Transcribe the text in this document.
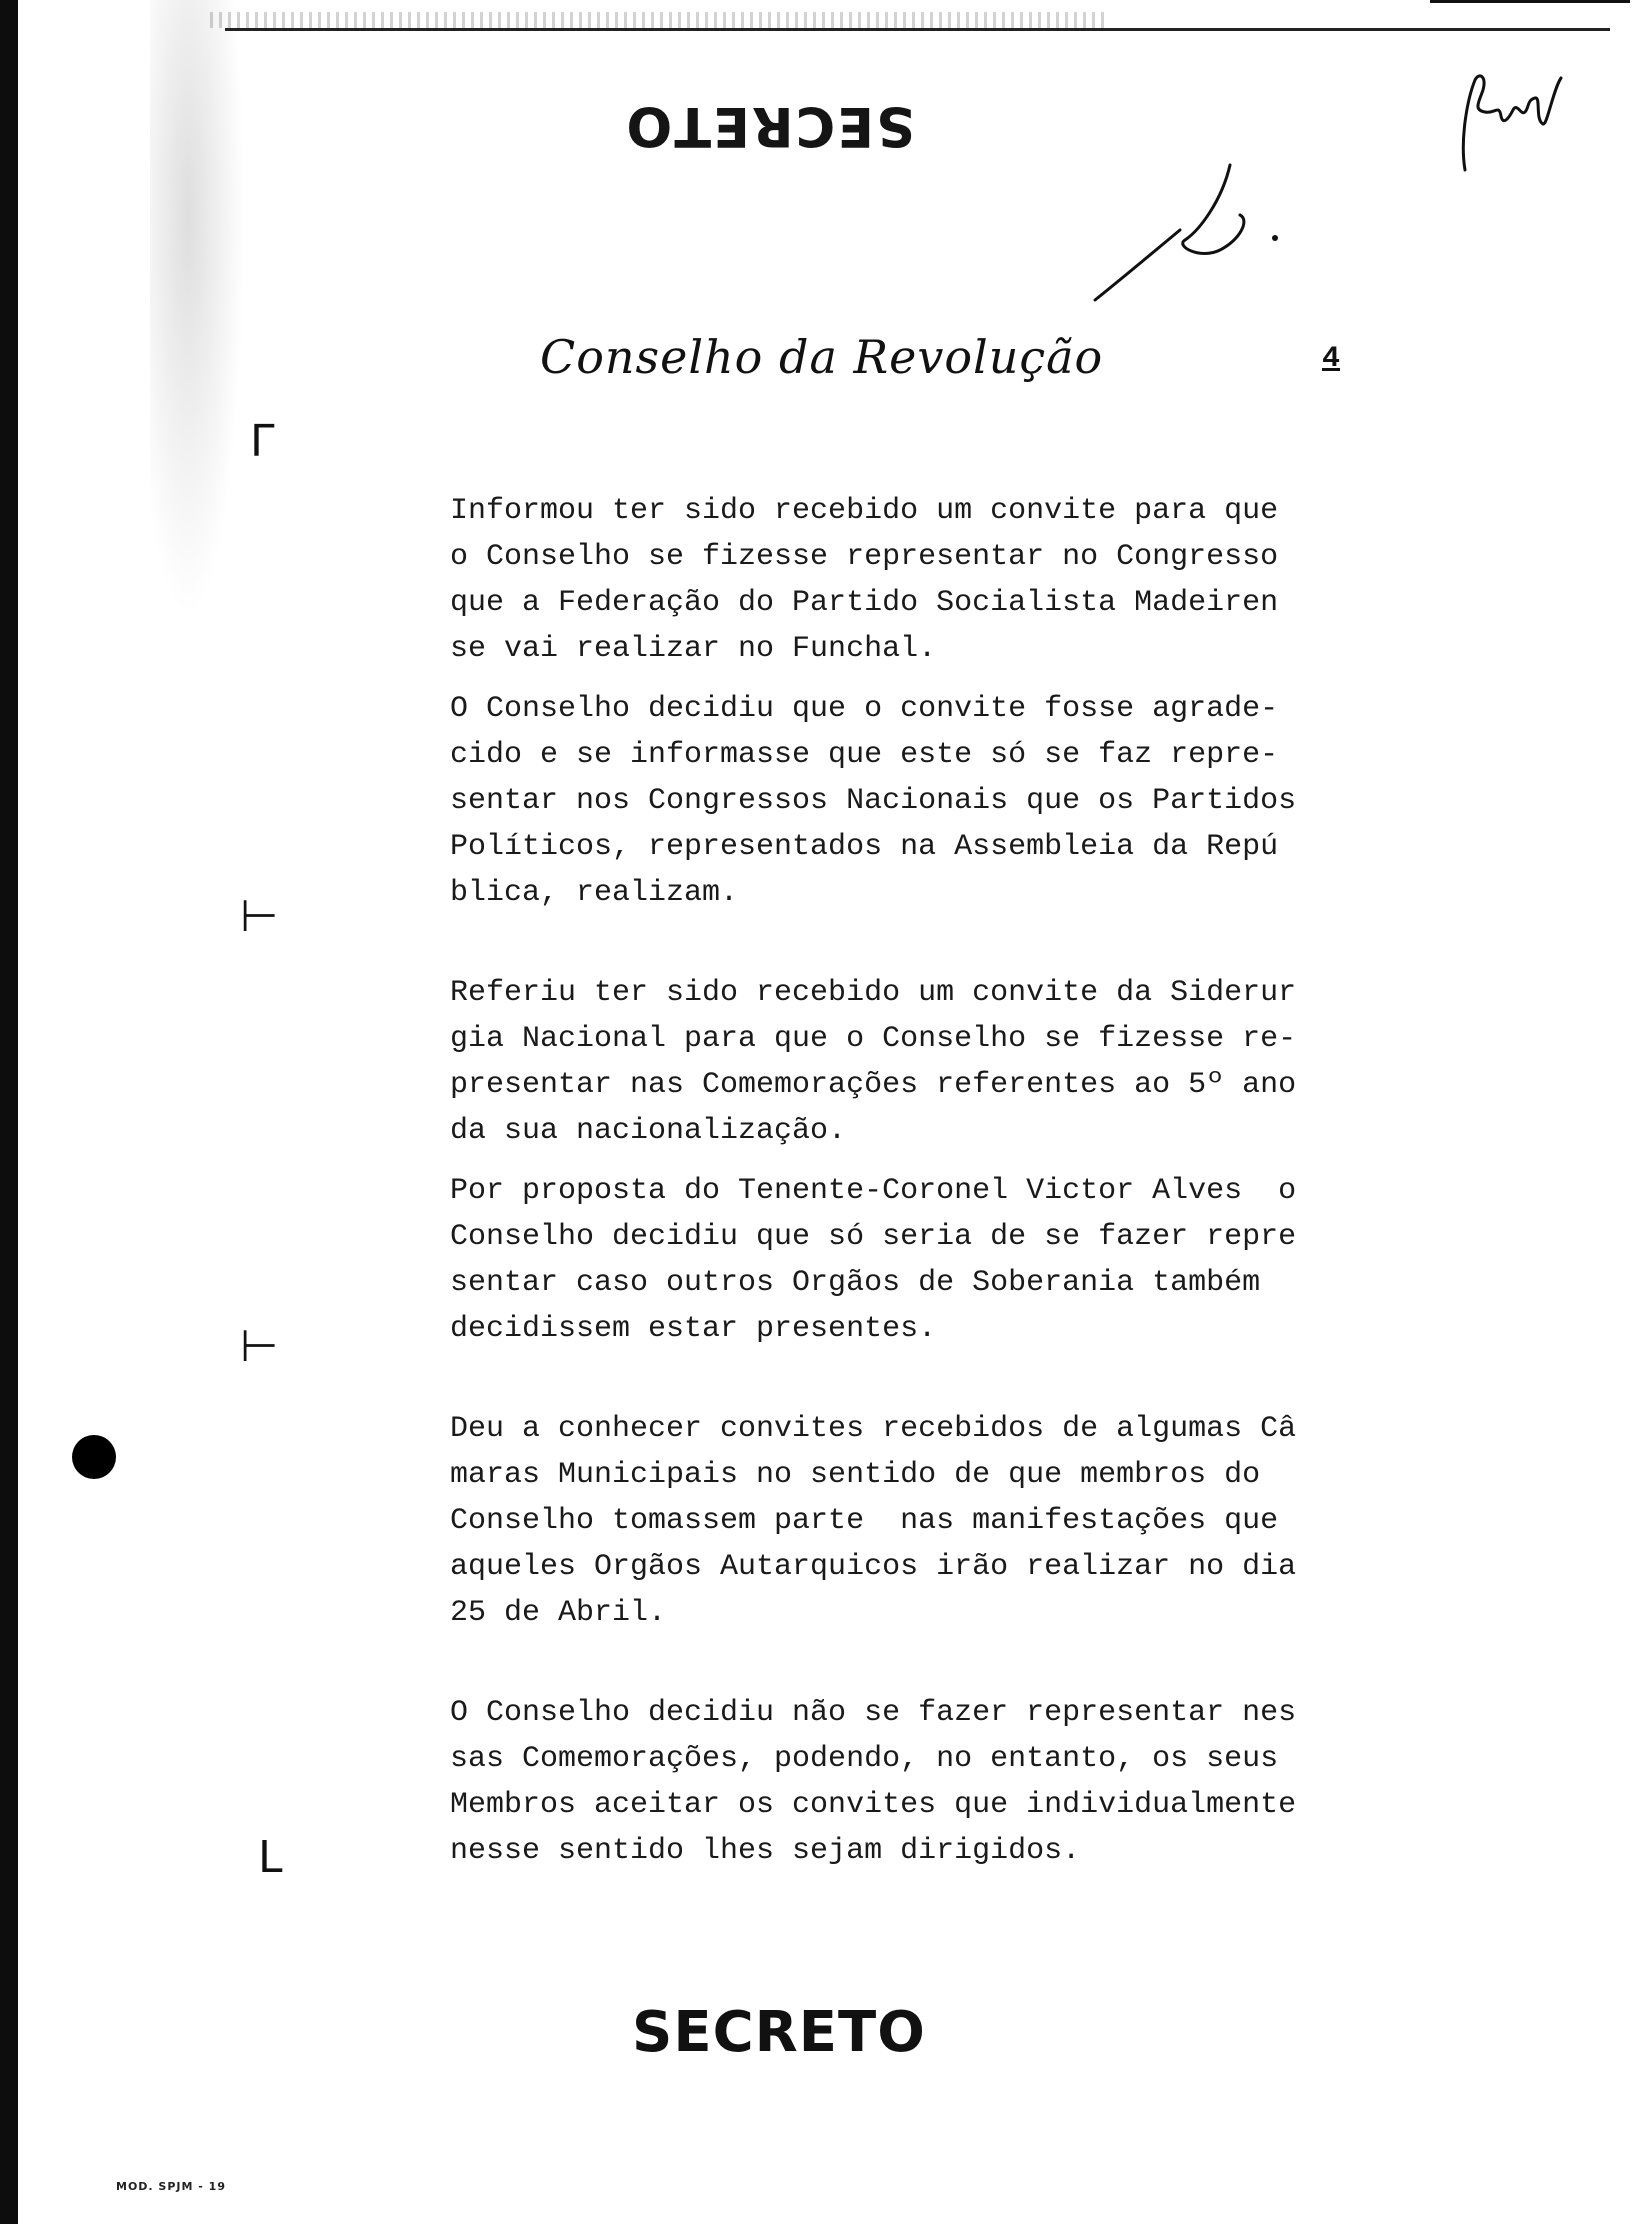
SECRETO
Conselho da Revolução	4
Γ
⊢
⊢
L

Informou ter sido recebido um convite para que
o Conselho se fizesse representar no Congresso
que a Federação do Partido Socialista Madeiren
se vai realizar no Funchal.

O Conselho decidiu que o convite fosse agrade-
cido e se informasse que este só se faz repre-
sentar nos Congressos Nacionais que os Partidos
Políticos, representados na Assembleia da Repú
blica, realizam.

Referiu ter sido recebido um convite da Siderur
gia Nacional para que o Conselho se fizesse re-
presentar nas Comemorações referentes ao 5º ano
da sua nacionalização.

Por proposta do Tenente-Coronel Victor Alves  o
Conselho decidiu que só seria de se fazer repre
sentar caso outros Orgãos de Soberania também
decidissem estar presentes.

Deu a conhecer convites recebidos de algumas Câ
maras Municipais no sentido de que membros do
Conselho tomassem parte  nas manifestações que
aqueles Orgãos Autarquicos irão realizar no dia
25 de Abril.

O Conselho decidiu não se fazer representar nes
sas Comemorações, podendo, no entanto, os seus
Membros aceitar os convites que individualmente
nesse sentido lhes sejam dirigidos.

SECRETO
MOD. SPJM - 19
